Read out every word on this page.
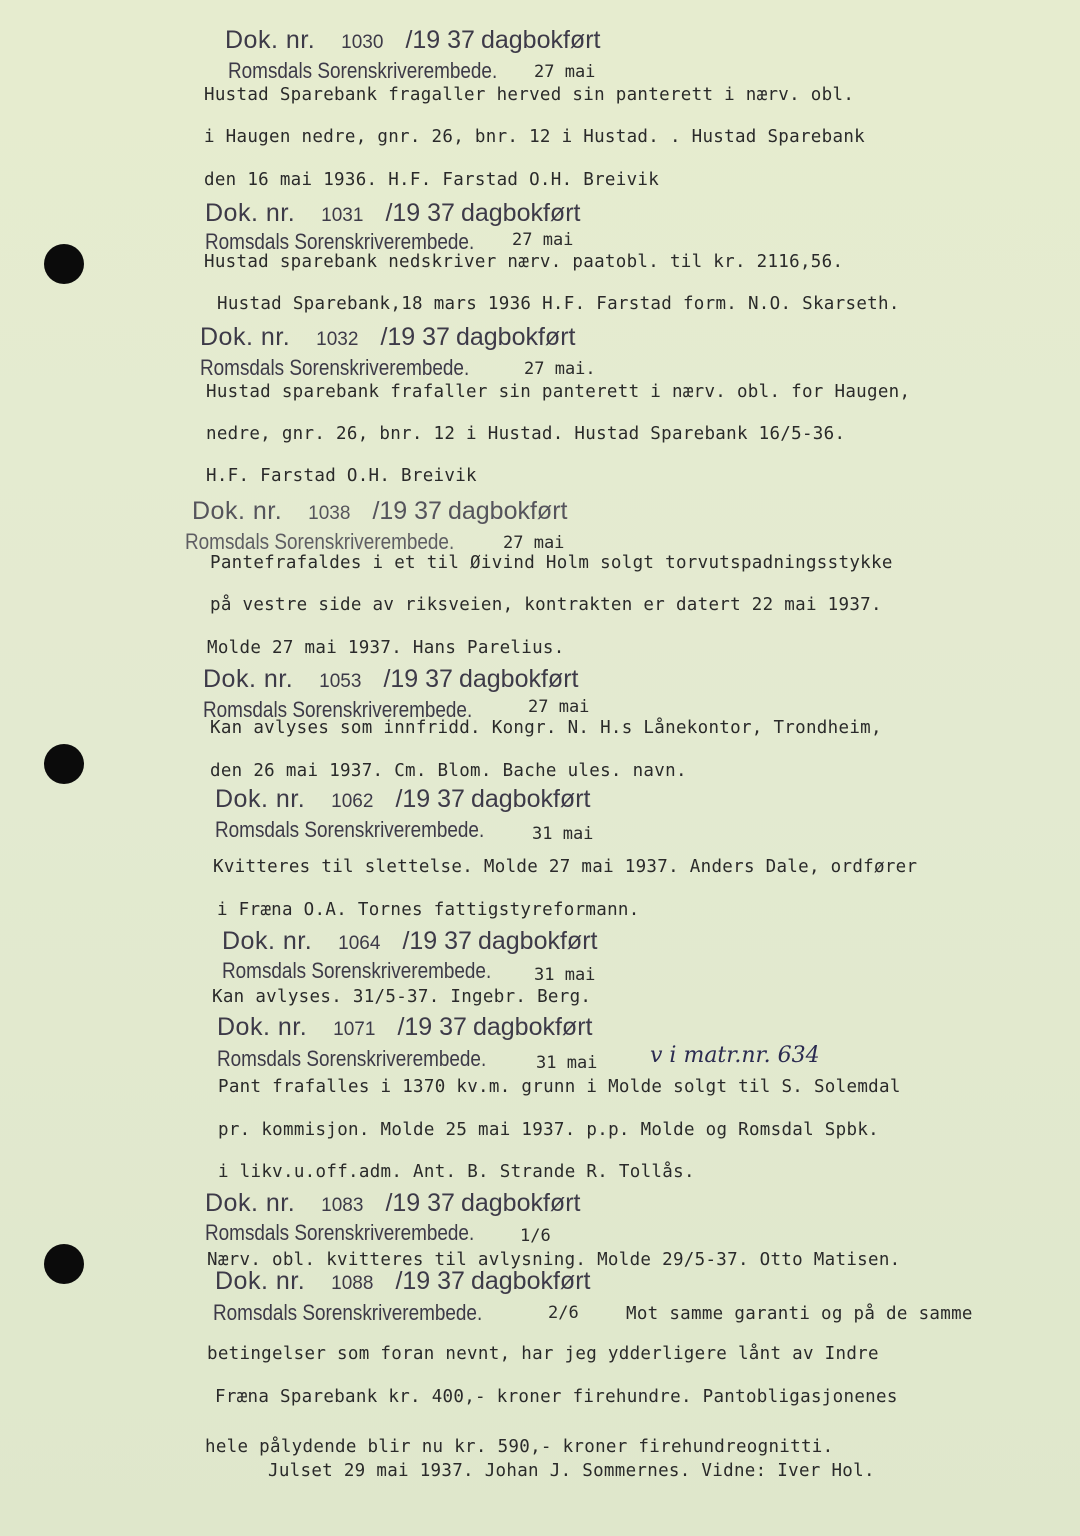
Dok. nr. 1030 /19 37 dagbokført
Romsdals Sorenskriverembede. 27 mai
Hustad Sparebank fragaller herved sin panterett i nærv. obl.
i Haugen nedre, gnr. 26, bnr. 12 i Hustad. . Hustad Sparebank
den 16 mai 1936. H.F. Farstad O.H. Breivik
Dok. nr. 1031 /19 37 dagbokført
Romsdals Sorenskriverembede. 27 mai
Hustad sparebank nedskriver nærv. paatobl. til kr. 2116,56.
Hustad Sparebank,18 mars 1936 H.F. Farstad form. N.O. Skarseth.
Dok. nr. 1032 /19 37 dagbokført
Romsdals Sorenskriverembede.	27 mai.
Hustad sparebank frafaller sin panterett i nærv. obl. for Haugen,
nedre, gnr. 26, bnr. 12 i Hustad. Hustad Sparebank 16/5-36.
H.F. Farstad O.H. Breivik
Dok. nr. 1038 /19 37 dagbokført
Romsdals Sorenskriverembede.	27 mai
Pantefrafaldes i et til Øivind Holm solgt torvutspadningsstykke
på vestre side av riksveien, kontrakten er datert 22 mai 1937.
Molde 27 mai 1937. Hans Parelius.
Dok. nr. 1053 /19 37 dagbokført
Romsdals Sorenskriverembede.	27 mai
Kan avlyses som innfridd. Kongr. N. H.s Lånekontor, Trondheim,
den 26 mai 1937. Cm. Blom. Bache ules. navn.
Dok. nr. 1062 /19 37 dagbokført
Romsdals Sorenskriverembede.	31 mai
Kvitteres til slettelse. Molde 27 mai 1937. Anders Dale, ordfører
i Fræna O.A. Tornes fattigstyreformann.
Dok. nr. 1064 /19 37 dagbokført
Romsdals Sorenskriverembede.	31 mai
Kan avlyses. 31/5-37. Ingebr. Berg.
Dok. nr. 1071 /19 37 dagbokført
Romsdals Sorenskriverembede.	31 mai v i matr.nr. 634
Pant frafalles i 1370 kv.m. grunn i Molde solgt til S. Solemdal
pr. kommisjon. Molde 25 mai 1937. p.p. Molde og Romsdal Spbk.
i likv.u.off.adm. Ant. B. Strande R. Tollås.
Dok. nr. 1083 /19 37 dagbokført
Romsdals Sorenskriverembede.	1/6
Nærv. obl. kvitteres til avlysning. Molde 29/5-37. Otto Matisen.
Dok. nr. 1088 /19 37 dagbokført
Romsdals Sorenskriverembede.	2/6	Mot samme garanti og på de samme
betingelser som foran nevnt, har jeg ydderligere lånt av Indre
Fræna Sparebank kr. 400,- kroner firehundre. Pantobligasjonenes
hele pålydende blir nu kr. 590,- kroner firehundreognitti.
Julset 29 mai 1937. Johan J. Sommernes. Vidne: Iver Hol.
